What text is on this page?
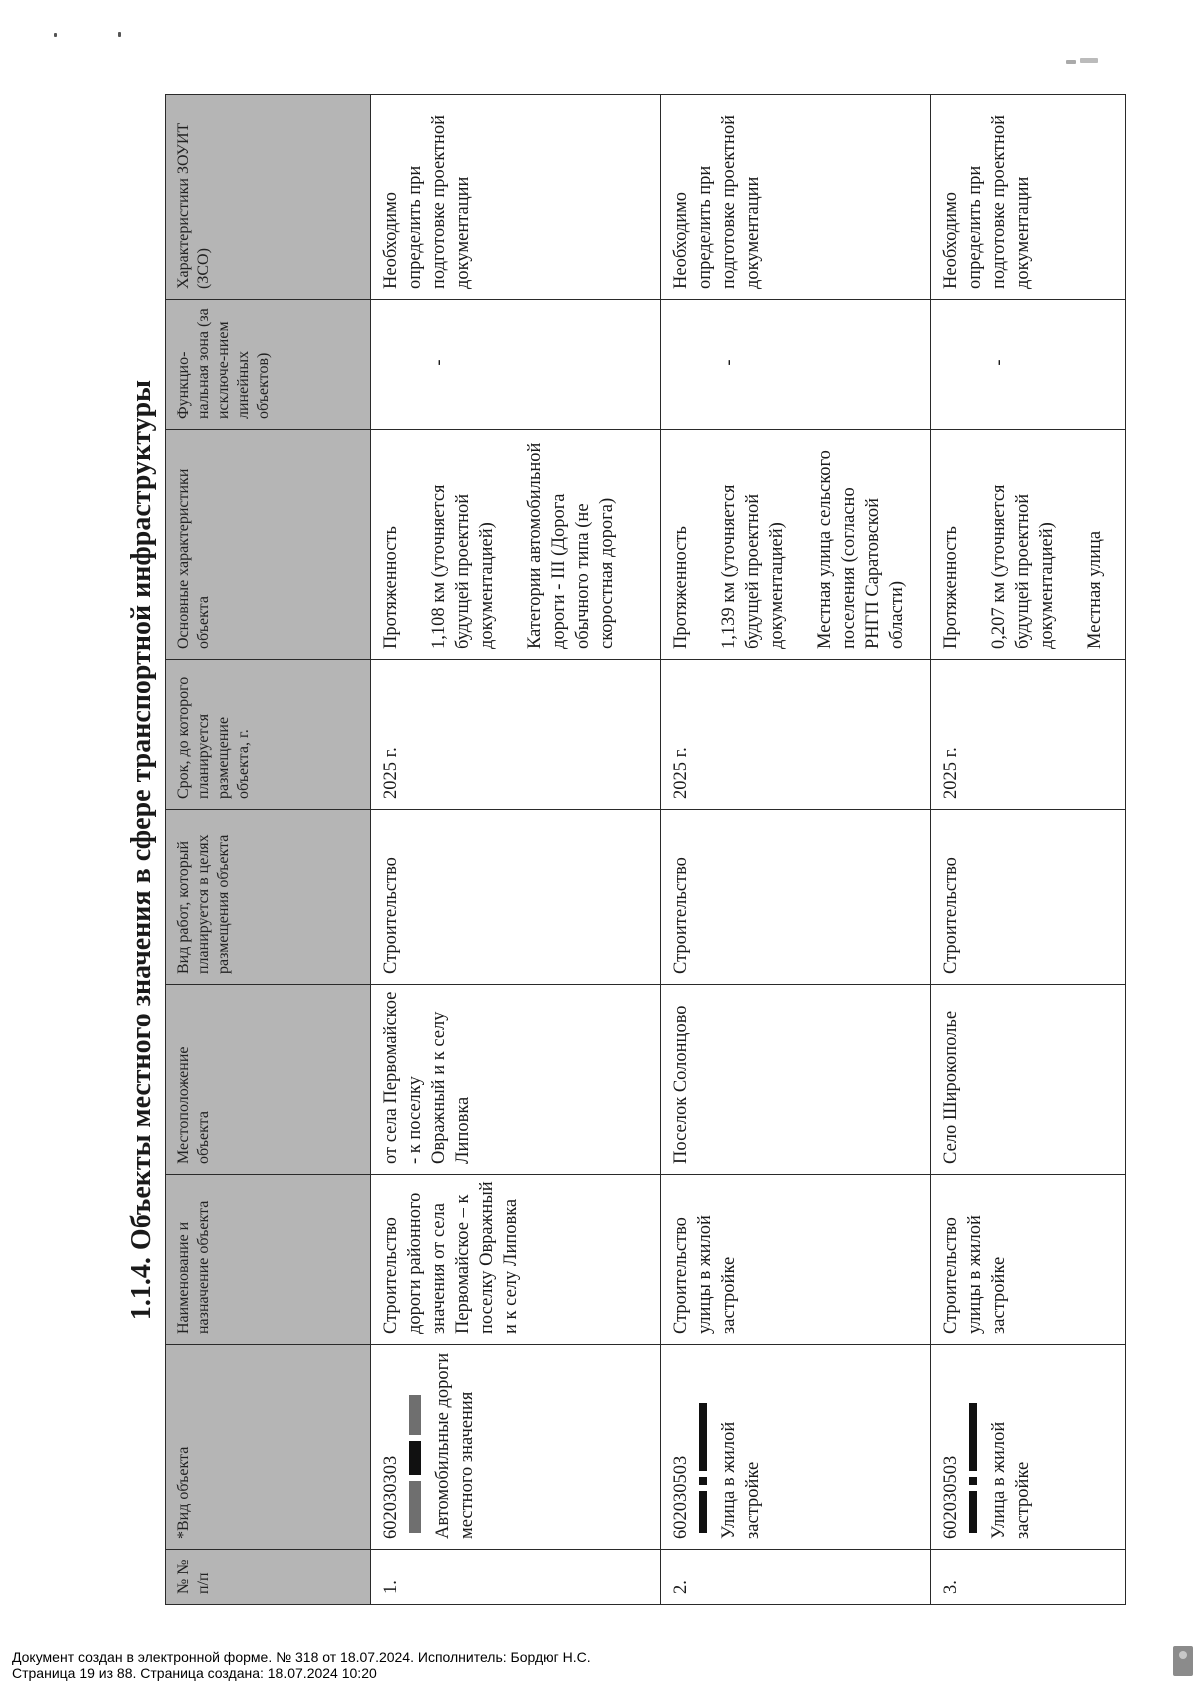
1.1.4. Объекты местного значения в сфере транспортной инфраструктуры
№ № п/п	*Вид объекта	Наименование и назначение объекта	Местоположение объекта	Вид работ, который планируется в целях размещения объекта	Срок, до которого планируется размещение объекта, г.	Основные характеристики объекта	Функцио-нальная зона (за исключе-нием линейных объектов)	Характеристики ЗОУИТ (ЗСО)
1.	602030303 Автомобильные дороги местного значения	Строительство дороги районного значения от села Первомайское – к поселку Овражный и к селу Липовка	от села Первомайское - к поселку Овражный и к селу Липовка	Строительство	2025 г.	Протяженность 1,108 км (уточняется будущей проектной документацией) Категории автомобильной дороги - III (Дорога обычного типа (не скоростная дорога)	-	Необходимо определить при подготовке проектной документации
2.	602030503 Улица в жилой застройке	Строительство улицы в жилой застройке	Поселок Солонцово	Строительство	2025 г.	Протяженность 1,139 км (уточняется будущей проектной документацией) Местная улица сельского поселения (согласно РНГП Саратовской области)	-	Необходимо определить при подготовке проектной документации
3.	602030503 Улица в жилой застройке	Строительство улицы в жилой застройке	Село Широкополье	Строительство	2025 г.	Протяженность 0,207 км (уточняется будущей проектной документацией) Местная улица	-	Необходимо определить при подготовке проектной документации
Документ создан в электронной форме. № 318 от 18.07.2024. Исполнитель: Бордюг Н.С.
Страница 19 из 88. Страница создана: 18.07.2024 10:20
